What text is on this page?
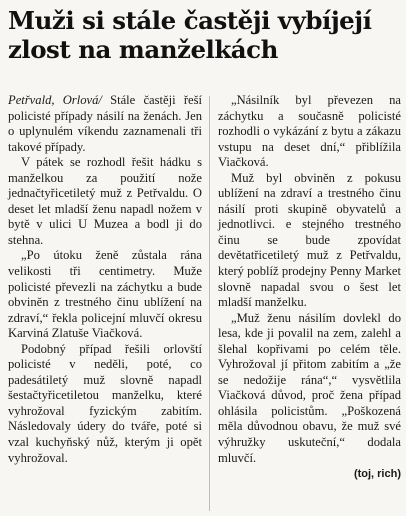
Muži si stále častěji vybíjejí zlost na manželkách

Petřvald, Orlová/ Stále častěji řeší policisté případy násilí na ženách. Jen o uplynulém víkendu zaznamenali tři takové případy.

V pátek se rozhodl řešit hádku s manželkou za použití nože jednačtyřicetiletý muž z Petřvaldu. O deset let mladší ženu napadl nožem v bytě v ulici U Muzea a bodl ji do stehna.

„Po útoku ženě zůstala rána velikosti tři centimetry. Muže policisté převezli na záchytku a bude obviněn z trestného činu ublížení na zdraví,“ řekla policejní mluvčí okresu Karviná Zlatuše Viačková.

Podobný případ řešili orlovští policisté v neděli, poté, co padesátiletý muž slovně napadl šestačtyřicetiletou manželku, které vyhrožoval fyzickým zabitím. Následovaly údery do tváře, poté si vzal kuchyňský nůž, kterým ji opět vyhrožoval.

„Násilník byl převezen na záchytku a současně policisté rozhodli o vykázání z bytu a zákazu vstupu na deset dní,“ přiblížila Viačková.

Muž byl obviněn z pokusu ublížení na zdraví a trestného činu násilí proti skupině obyvatelů a jednotlivci. e stejného trestného činu se bude zpovídat devětatřicetiletý muž z Petřvaldu, který poblíž prodejny Penny Market slovně napadal svou o šest let mladší manželku.

„Muž ženu násilím dovlekl do lesa, kde ji povalil na zem, zalehl a šlehal kopřivami po celém těle. Vyhrožoval jí přitom zabitím a „že se nedožije rána“,“ vysvětlila Viačková důvod, proč žena případ ohlásila policistům. „Poškozená měla důvodnou obavu, že muž své výhružky uskuteční,“ dodala mluvčí.

(toj, rich)
